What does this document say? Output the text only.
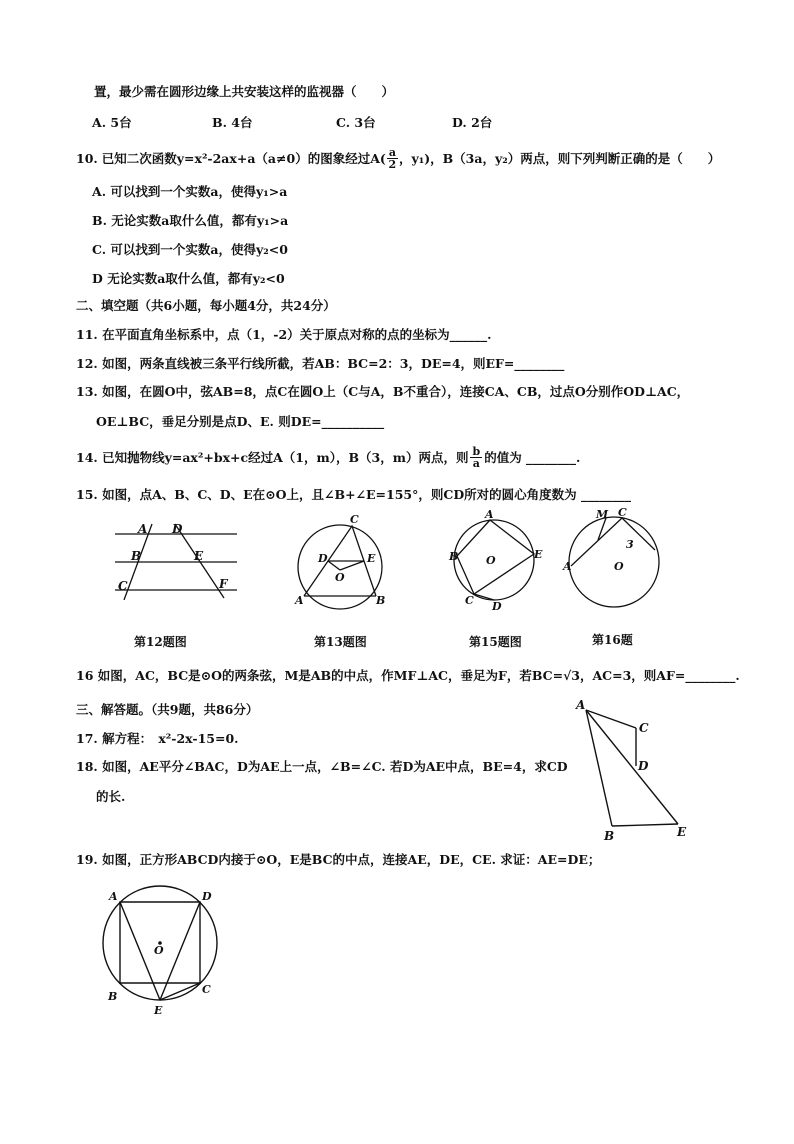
置，最少需在圆形边缘上共安装这样的监视器（　　）
A. 5台	B. 4台	C. 3台	D. 2台
10. 已知二次函数y=x²-2ax+a（a≠0）的图象经过$A( \frac{a}{2}$ ，y₁)，B（3a，y₂）两点，则下列判断正确的是（　　）
A. 可以找到一个实数a，使得y₁>a
B. 无论实数a取什么值，都有y₁>a
C. 可以找到一个实数a，使得y₂<0
D 无论实数a取什么值，都有y₂<0
二、填空题（共6小题，每小题4分，共24分）
11. 在平面直角坐标系中，点（1，-2）关于原点对称的点的坐标为______.
12. 如图，两条直线被三条平行线所截，若AB：BC=2：3，DE=4，则EF=________
13. 如图，在圆O中，弦AB=8，点C在圆O上（C与A，B不重合），连接CA、CB，过点O分别作OD⊥AC，
OE⊥BC，垂足分别是点D、E. 则DE=__________
14. 已知抛物线y=ax²+bx+c经过A（1，m），B（3，m）两点，则 $\frac{b}{a}$ 的值为 ________.
15. 如图，点A、B、C、D、E在⊙O上，且∠B+∠E=155°，则CD所对的圆心角度数为 ________
A D
B	E
C	F
C
D	E
O
A	B
A
B	O	E
C D
M C
A	O
3
第12题图	第13题图	第15题图	第16题
16 如图，AC，BC是⊙O的两条弦，M是AB的中点，作MF⊥AC，垂足为F，若BC=√3，AC=3，则AF=________.
三、解答题。（共9题，共86分）
17. 解方程：　x²-2x-15=0.
18. 如图，AE平分∠BAC，D为AE上一点，∠B=∠C. 若D为AE中点，BE=4，求CD
的长.
A
C
D
B	E
19. 如图，正方形ABCD内接于⊙O，E是BC的中点，连接AE，DE，CE. 求证：AE=DE；
A	D
O
B
C
E
